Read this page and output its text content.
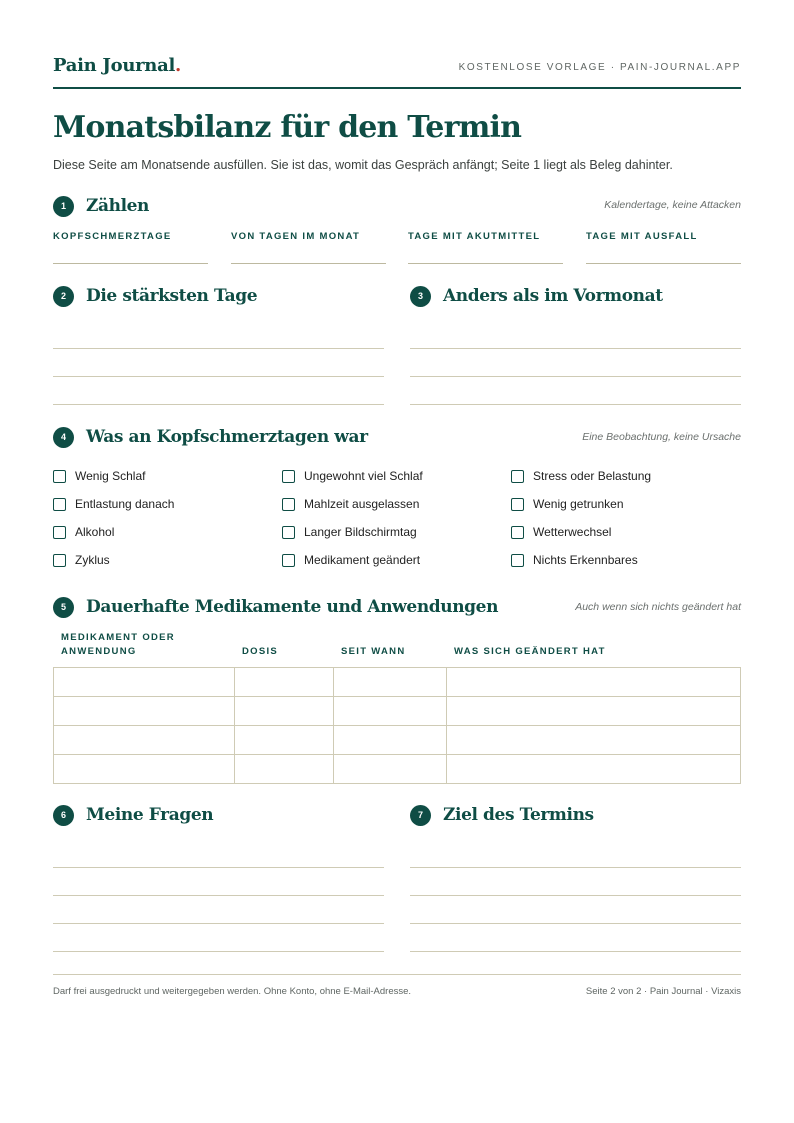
Pain Journal.	KOSTENLOSE VORLAGE · PAIN-JOURNAL.APP
Monatsbilanz für den Termin

Diese Seite am Monatsende ausfüllen. Sie ist das, womit das Gespräch anfängt; Seite 1 liegt als Beleg dahinter.

1	Zählen	Kalendertage, keine Attacken
KOPFSCHMERZTAGE	VON TAGEN IM MONAT	TAGE MIT AKUTMITTEL	TAGE MIT AUSFALL
2	Die stärksten Tage	3	Anders als im Vormonat
4	Was an Kopfschmerztagen war	Eine Beobachtung, keine Ursache
Wenig Schlaf	Ungewohnt viel Schlaf	Stress oder Belastung
Entlastung danach	Mahlzeit ausgelassen	Wenig getrunken
Alkohol	Langer Bildschirmtag	Wetterwechsel
Zyklus	Medikament geändert	Nichts Erkennbares
5	Dauerhafte Medikamente und Anwendungen	Auch wenn sich nichts geändert hat
MEDIKAMENT ODER ANWENDUNG	DOSIS	SEIT WANN	WAS SICH GEÄNDERT HAT

6	Meine Fragen	7	Ziel des Termins
Darf frei ausgedruckt und weitergegeben werden. Ohne Konto, ohne E-Mail-Adresse.	Seite 2 von 2 · Pain Journal · Vizaxis
